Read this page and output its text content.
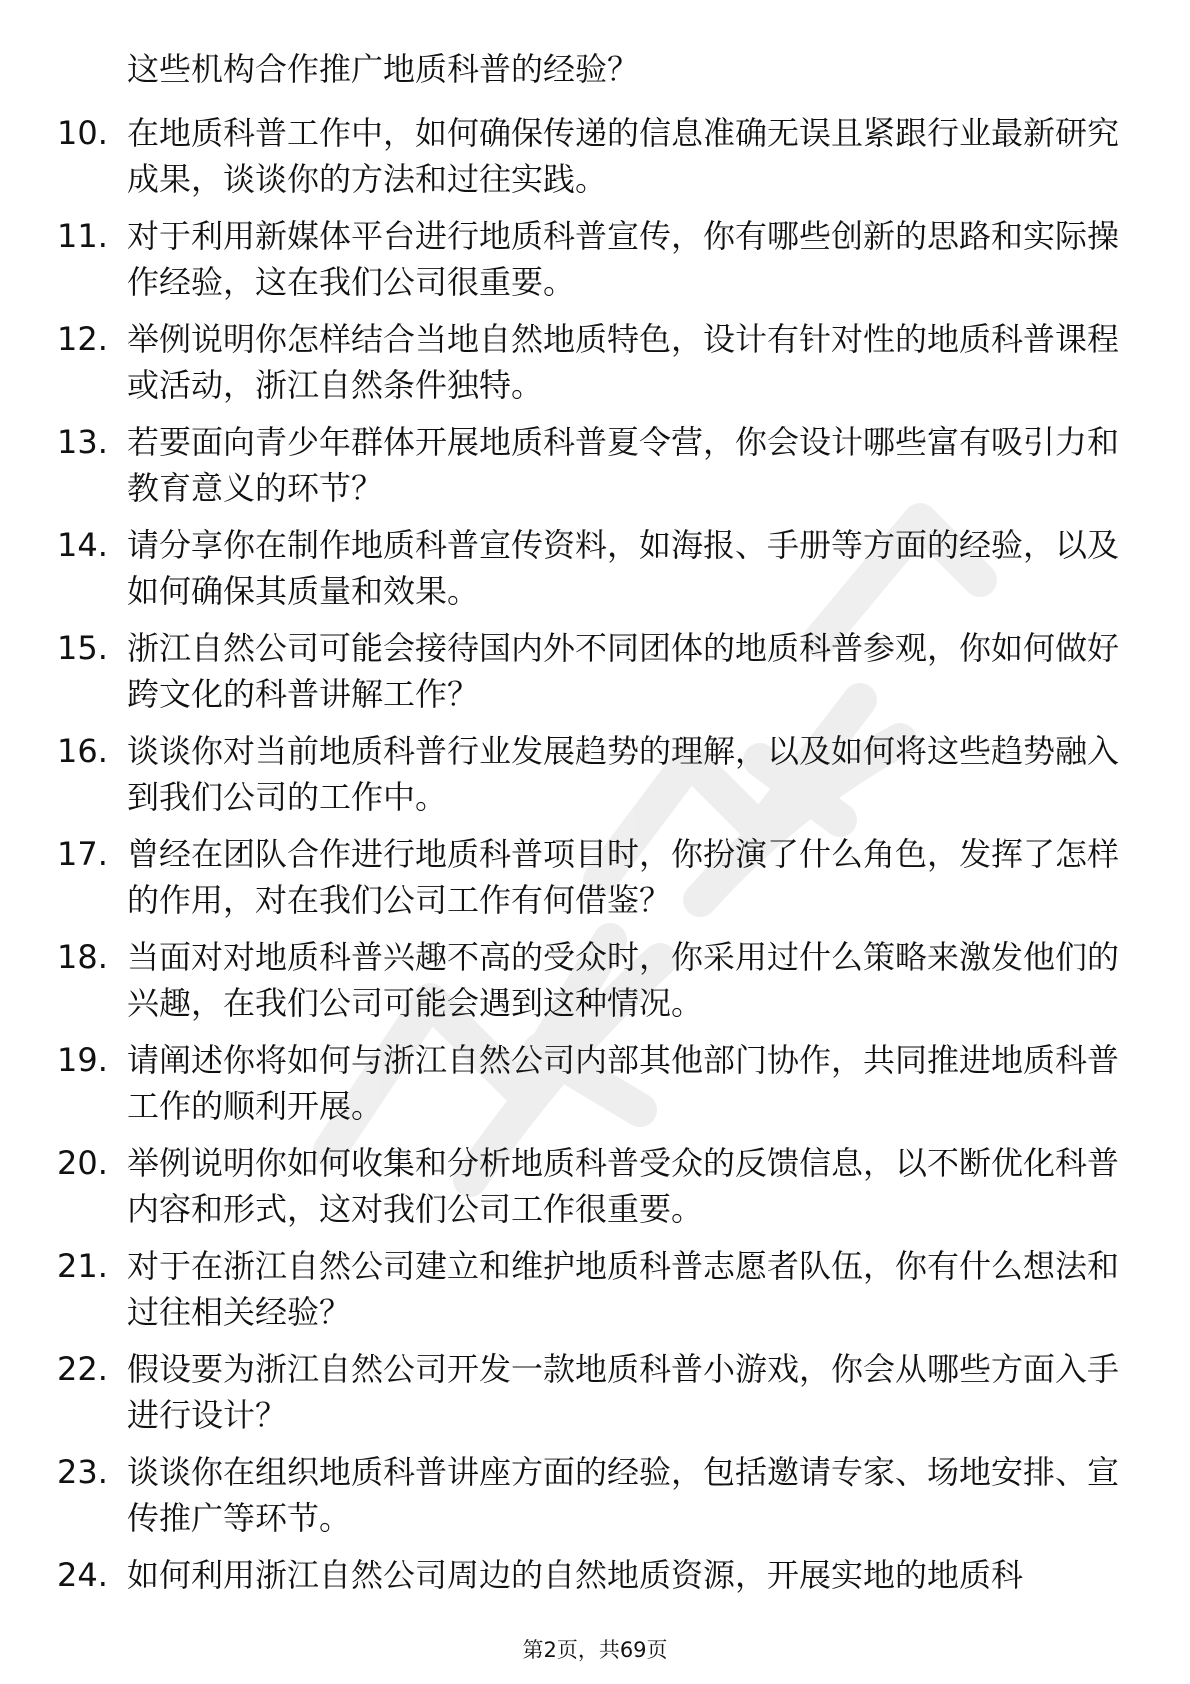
这些机构合作推广地质科普的经验？
10. 在地质科普工作中，如何确保传递的信息准确无误且紧跟行业最新研究成果，谈谈你的方法和过往实践。
11. 对于利用新媒体平台进行地质科普宣传，你有哪些创新的思路和实际操作经验，这在我们公司很重要。
12. 举例说明你怎样结合当地自然地质特色，设计有针对性的地质科普课程或活动，浙江自然条件独特。
13. 若要面向青少年群体开展地质科普夏令营，你会设计哪些富有吸引力和教育意义的环节？
14. 请分享你在制作地质科普宣传资料，如海报、手册等方面的经验，以及如何确保其质量和效果。
15. 浙江自然公司可能会接待国内外不同团体的地质科普参观，你如何做好跨文化的科普讲解工作？
16. 谈谈你对当前地质科普行业发展趋势的理解，以及如何将这些趋势融入到我们公司的工作中。
17. 曾经在团队合作进行地质科普项目时，你扮演了什么角色，发挥了怎样的作用，对在我们公司工作有何借鉴？
18. 当面对对地质科普兴趣不高的受众时，你采用过什么策略来激发他们的兴趣，在我们公司可能会遇到这种情况。
19. 请阐述你将如何与浙江自然公司内部其他部门协作，共同推进地质科普工作的顺利开展。
20. 举例说明你如何收集和分析地质科普受众的反馈信息，以不断优化科普内容和形式，这对我们公司工作很重要。
21. 对于在浙江自然公司建立和维护地质科普志愿者队伍，你有什么想法和过往相关经验？
22. 假设要为浙江自然公司开发一款地质科普小游戏，你会从哪些方面入手进行设计？
23. 谈谈你在组织地质科普讲座方面的经验，包括邀请专家、场地安排、宣传推广等环节。
24. 如何利用浙江自然公司周边的自然地质资源，开展实地的地质科
第2页，共69页
